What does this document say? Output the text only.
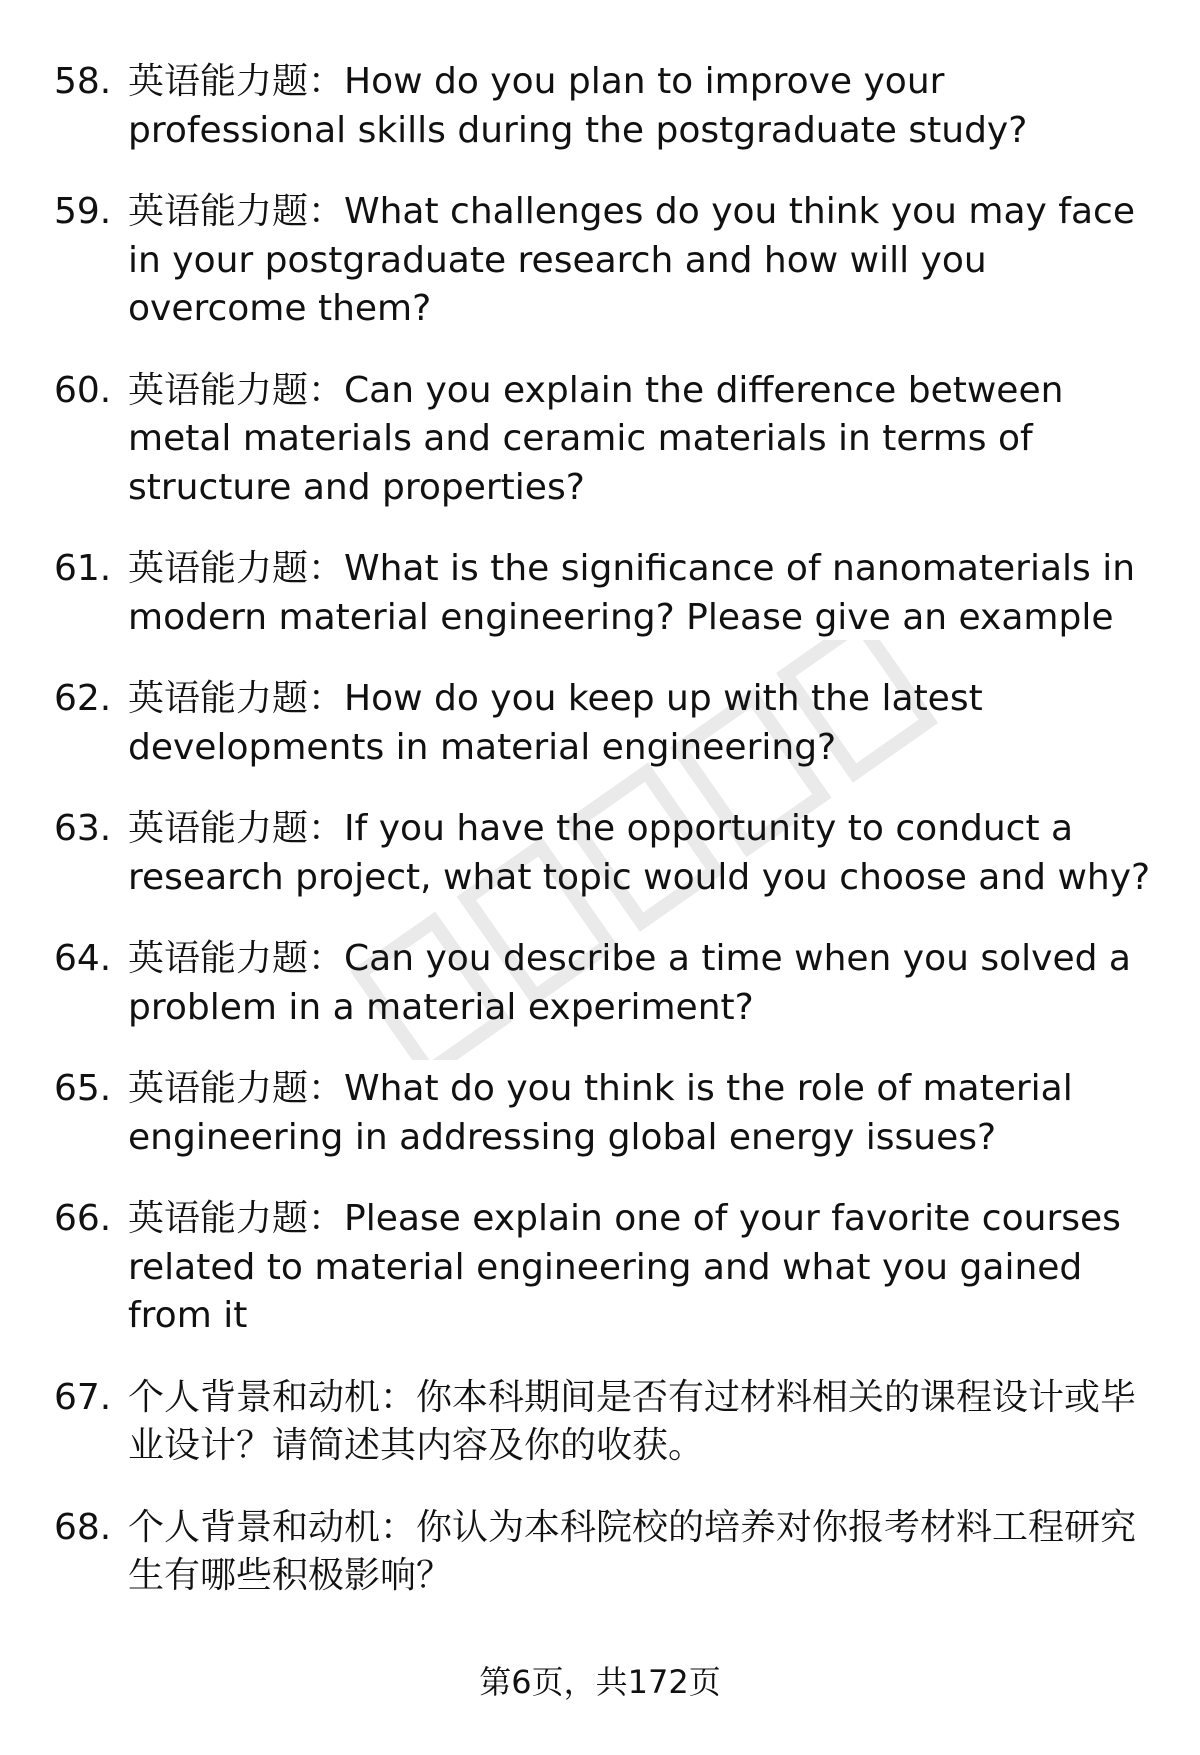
58. 英语能力题：How do you plan to improve your professional skills during the postgraduate study?
59. 英语能力题：What challenges do you think you may face in your postgraduate research and how will you overcome them?
60. 英语能力题：Can you explain the difference between metal materials and ceramic materials in terms of structure and properties?
61. 英语能力题：What is the significance of nanomaterials in modern material engineering? Please give an example
62. 英语能力题：How do you keep up with the latest developments in material engineering?
63. 英语能力题：If you have the opportunity to conduct a research project, what topic would you choose and why?
64. 英语能力题：Can you describe a time when you solved a problem in a material experiment?
65. 英语能力题：What do you think is the role of material engineering in addressing global energy issues?
66. 英语能力题：Please explain one of your favorite courses related to material engineering and what you gained from it
67. 个人背景和动机：你本科期间是否有过材料相关的课程设计或毕业设计？请简述其内容及你的收获。
68. 个人背景和动机：你认为本科院校的培养对你报考材料工程研究生有哪些积极影响？
第6页，共172页
